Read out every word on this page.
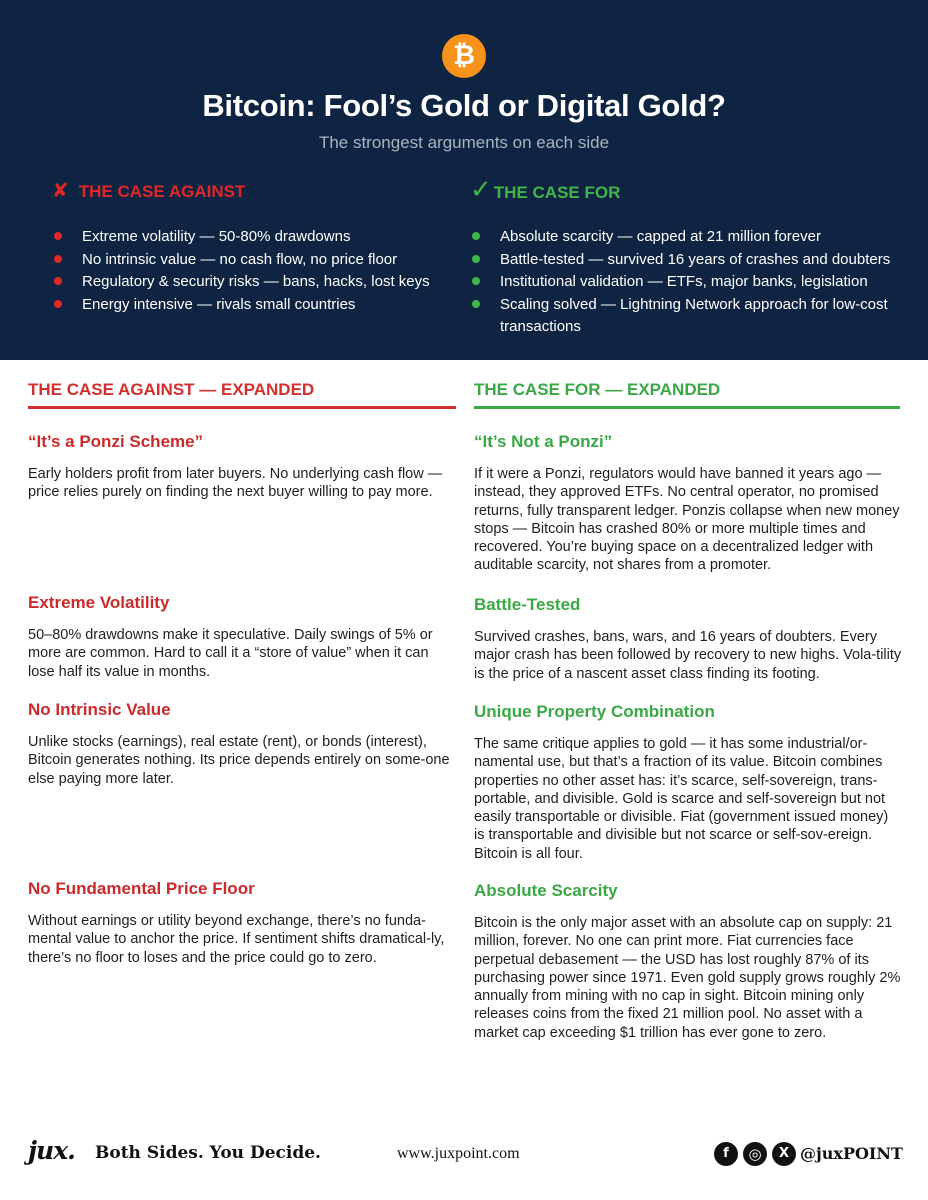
₿
Bitcoin: Fool’s Gold or Digital Gold?
The strongest arguments on each side
✘ THE CASE AGAINST	✓ THE CASE FOR
Extreme volatility — 50-80% drawdowns
No intrinsic value — no cash flow, no price floor
Regulatory & security risks — bans, hacks, lost keys
Energy intensive — rivals small countries
Absolute scarcity — capped at 21 million forever
Battle-tested — survived 16 years of crashes and doubters
Institutional validation — ETFs, major banks, legislation
Scaling solved — Lightning Network approach for low-cost transactions
THE CASE AGAINST — EXPANDED	THE CASE FOR — EXPANDED
“It’s a Ponzi Scheme”

Early holders profit from later buyers. No underlying cash flow — price relies purely on finding the next buyer willing to pay more.

Extreme Volatility

50–80% drawdowns make it speculative. Daily swings of 5% or more are common. Hard to call it a “store of value” when it can lose half its value in months.

No Intrinsic Value

Unlike stocks (earnings), real estate (rent), or bonds (interest), Bitcoin generates nothing. Its price depends entirely on some-one else paying more later.

No Fundamental Price Floor

Without earnings or utility beyond exchange, there’s no funda-mental value to anchor the price. If sentiment shifts dramatical-ly, there’s no floor to loses and the price could go to zero.

“It’s Not a Ponzi”

If it were a Ponzi, regulators would have banned it years ago — instead, they approved ETFs. No central operator, no promised returns, fully transparent ledger. Ponzis collapse when new money stops — Bitcoin has crashed 80% or more multiple times and recovered. You’re buying space on a decentralized ledger with auditable scarcity, not shares from a promoter.

Battle-Tested

Survived crashes, bans, wars, and 16 years of doubters. Every major crash has been followed by recovery to new highs. Vola-tility is the price of a nascent asset class finding its footing.

Unique Property Combination

The same critique applies to gold — it has some industrial/or-namental use, but that’s a fraction of its value. Bitcoin combines properties no other asset has: it’s scarce, self-sovereign, trans-portable, and divisible. Gold is scarce and self-sovereign but not easily transportable or divisible. Fiat (government issued money) is transportable and divisible but not scarce or self-sov-ereign. Bitcoin is all four.

Absolute Scarcity

Bitcoin is the only major asset with an absolute cap on supply: 21 million, forever. No one can print more. Fiat currencies face perpetual debasement — the USD has lost roughly 87% of its purchasing power since 1971. Even gold supply grows roughly 2% annually from mining with no cap in sight. Bitcoin mining only releases coins from the fixed 21 million pool. No asset with a market cap exceeding $1 trillion has ever gone to zero.

jux. Both Sides. You Decide.	www.juxpoint.com	f	◎	X @juxPOINT
